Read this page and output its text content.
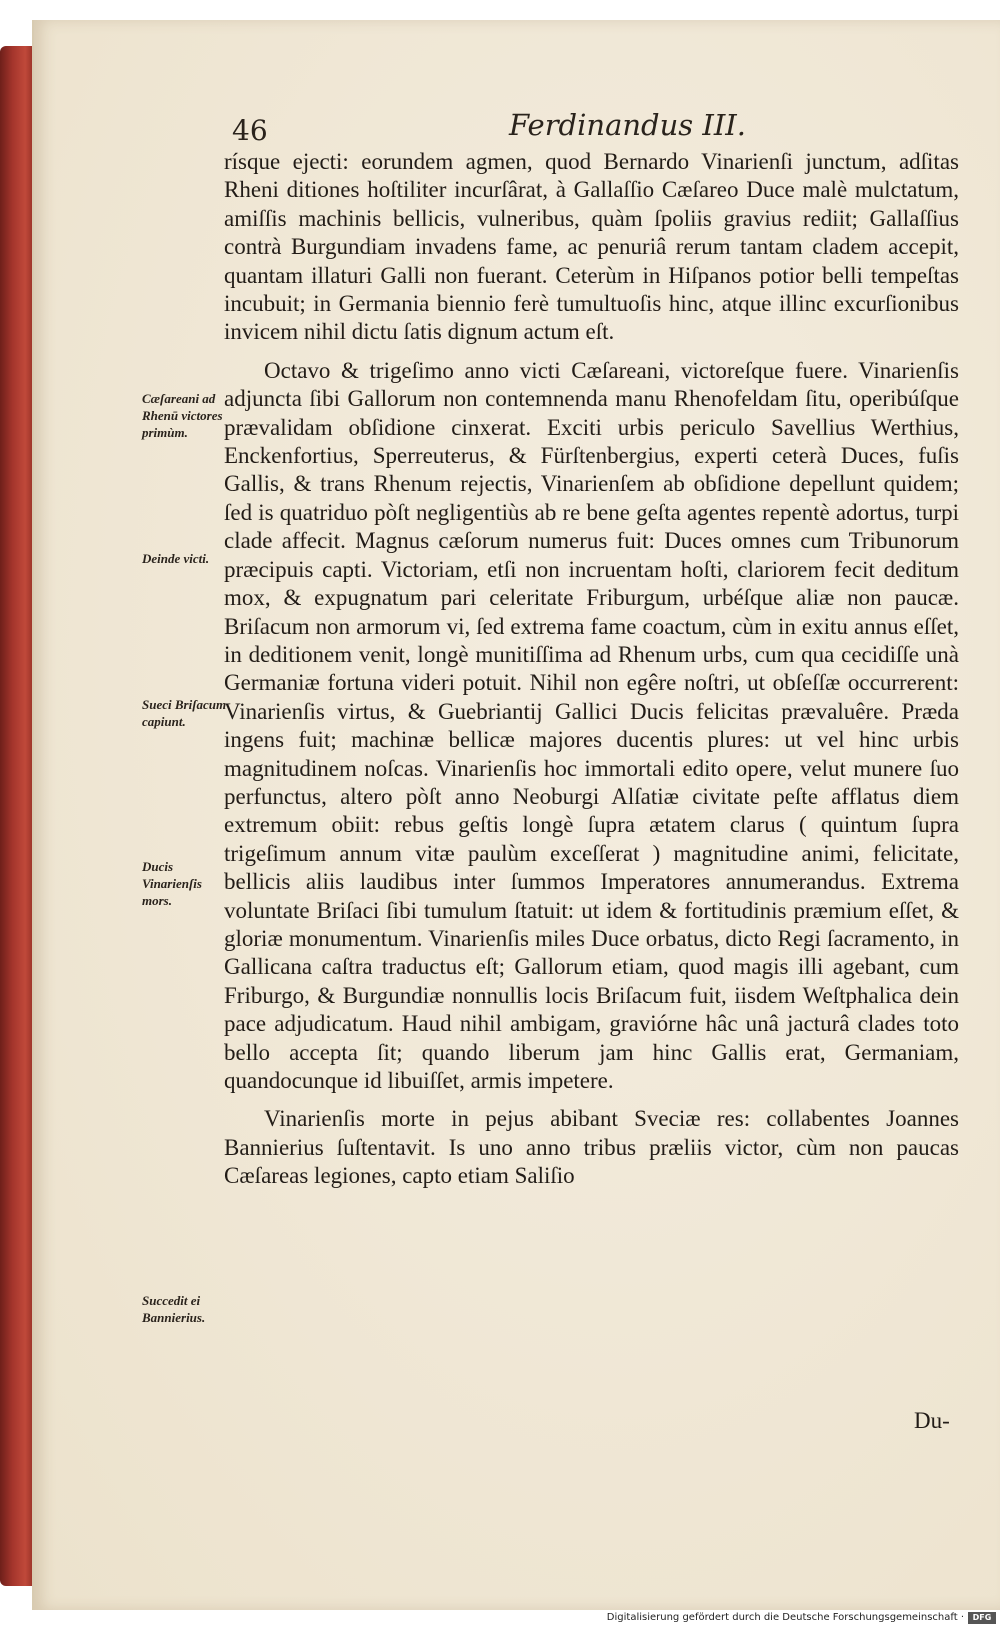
46	Ferdinandus III.

rísque ejecti: eorundem agmen, quod Bernardo Vinarienſi junctum, adſitas Rheni ditiones hoſtiliter incurſârat, à Gallaſſio Cæſareo Duce malè mulctatum, amiſſis machinis bellicis, vulneribus, quàm ſpoliis gravius rediit; Gallaſſius contrà Burgundiam invadens fame, ac penuriâ rerum tantam cladem accepit, quantam illaturi Galli non fuerant. Ceterùm in Hiſpanos potior belli tempeſtas incubuit; in Germania biennio ferè tumultuoſis hinc, atque illinc excurſionibus invicem nihil dictu ſatis dignum actum eſt.

Octavo & trigeſimo anno victi Cæſareani, victoreſque fuere. Vinarienſis adjuncta ſibi Gallorum non contemnenda manu Rhenofeldam ſitu, operibúſque prævalidam obſidione cinxerat. Exciti urbis periculo Savellius Werthius, Enckenfortius, Sperreuterus, & Fürſtenbergius, experti ceterà Duces, fuſis Gallis, & trans Rhenum rejectis, Vinarienſem ab obſidione depellunt quidem; ſed is quatriduo pòſt negligentiùs ab re bene geſta agentes repentè adortus, turpi clade affecit. Magnus cæſorum numerus fuit: Duces omnes cum Tribunorum præcipuis capti. Victoriam, etſi non incruentam hoſti, clariorem fecit deditum mox, & expugnatum pari celeritate Friburgum, urbéſque aliæ non paucæ. Briſacum non armorum vi, ſed extrema fame coactum, cùm in exitu annus eſſet, in deditionem venit, longè munitiſſima ad Rhenum urbs, cum qua cecidiſſe unà Germaniæ fortuna videri potuit. Nihil non egêre noſtri, ut obſeſſæ occurrerent: Vinarienſis virtus, & Guebriantij Gallici Ducis felicitas prævaluêre. Præda ingens fuit; machinæ bellicæ majores ducentis plures: ut vel hinc urbis magnitudinem noſcas. Vinarienſis hoc immortali edito opere, velut munere ſuo perfunctus, altero pòſt anno Neoburgi Alſatiæ civitate peſte afflatus diem extremum obiit: rebus geſtis longè ſupra ætatem clarus ( quintum ſupra trigeſimum annum vitæ paulùm exceſſerat ) magnitudine animi, felicitate, bellicis aliis laudibus inter ſummos Imperatores annumerandus. Extrema voluntate Briſaci ſibi tumulum ſtatuit: ut idem & fortitudinis præmium eſſet, & gloriæ monumentum. Vinarienſis miles Duce orbatus, dicto Regi ſacramento, in Gallicana caſtra traductus eſt; Gallorum etiam, quod magis illi agebant, cum Friburgo, & Burgundiæ nonnullis locis Briſacum fuit, iisdem Weſtphalica dein pace adjudicatum. Haud nihil ambigam, graviórne hâc unâ jacturâ clades toto bello accepta ſit; quando liberum jam hinc Gallis erat, Germaniam, quandocunque id libuiſſet, armis impetere.

Vinarienſis morte in pejus abibant Sveciæ res: collabentes Joannes Bannierius ſuſtentavit. Is uno anno tribus præliis victor, cùm non paucas Cæſareas legiones, capto etiam Saliſio

Cæſareani ad Rhenū victores primùm.
Deinde victi.
Sueci Briſacum capiunt.
Ducis Vinarienſis mors.
Succedit ei Bannierius.
Du-
Digitalisierung gefördert durch die Deutsche Forschungsgemeinschaft ·	DFG
